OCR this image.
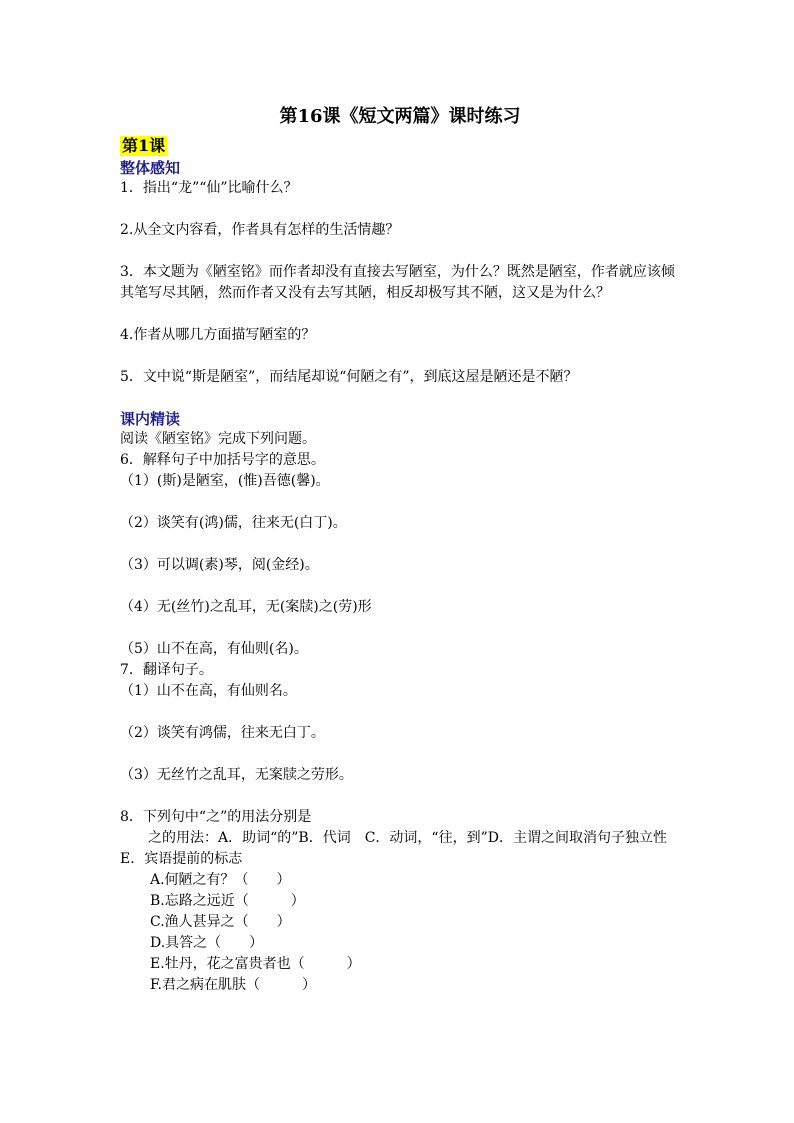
第16课《短文两篇》课时练习
第1课
整体感知

1．指出“龙”“仙”比喻什么？

2.从全文内容看，作者具有怎样的生活情趣？

3．本文题为《陋室铭》而作者却没有直接去写陋室，为什么？既然是陋室，作者就应该倾其笔写尽其陋，然而作者又没有去写其陋，相反却极写其不陋，这又是为什么？

4.作者从哪几方面描写陋室的？

5．文中说“斯是陋室”，而结尾却说“何陋之有”，到底这屋是陋还是不陋？

课内精读

阅读《陋室铭》完成下列问题。

6．解释句子中加括号字的意思。

（1）(斯)是陋室，(惟)吾德(馨)。

（2）谈笑有(鸿)儒，往来无(白丁)。

（3）可以调(素)琴，阅(金经)。

（4）无(丝竹)之乱耳，无(案牍)之(劳)形

（5）山不在高，有仙则(名)。

7．翻译句子。

（1）山不在高，有仙则名。

（2）谈笑有鸿儒，往来无白丁。

（3）无丝竹之乱耳，无案牍之劳形。

8．下列句中“之”的用法分别是

之的用法：A．助词“的”B．代词　C．动词，“往，到”D．主谓之间取消句子独立性　E．宾语提前的标志

A.何陋之有？（　　）

B.忘路之远近（　　　）

C.渔人甚异之（　　）

D.具答之（　　）

E.牡丹，花之富贵者也（　　　）

F.君之病在肌肤（　　　）
